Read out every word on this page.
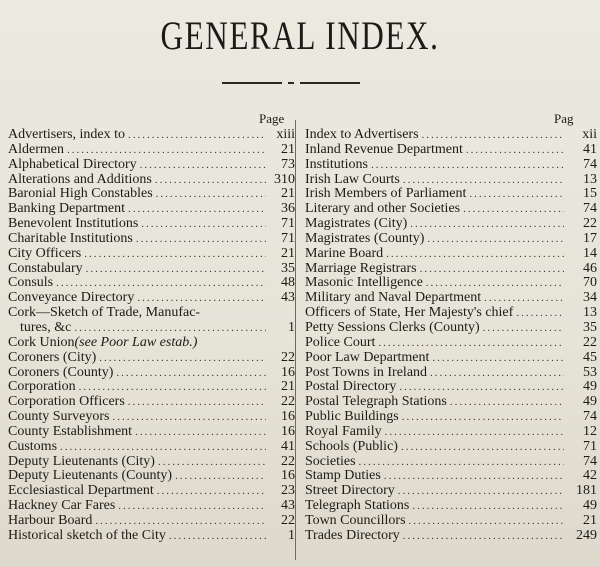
GENERAL INDEX.
Page	Pag
Advertisers, index to .....	xiii
Aldermen .....	21
Alphabetical Directory .....	73
Alterations and Additions .....	310
Baronial High Constables .....	21
Banking Department .....	36
Benevolent Institutions .....	71
Charitable Institutions .....	71
City Officers .....	21
Constabulary .....	35
Consuls .....	48
Conveyance Directory .....	43
Cork—Sketch of Trade, Manufac-
tures, &c .....	1
Cork Union (see Poor Law estab.)
Coroners (City) .....	22
Coroners (County) .....	16
Corporation .....	21
Corporation Officers .....	22
County Surveyors .....	16
County Establishment .....	16
Customs .....	41
Deputy Lieutenants (City) .....	22
Deputy Lieutenants (County) .....	16
Ecclesiastical Department .....	23
Hackney Car Fares .....	43
Harbour Board .....	22
Historical sketch of the City .....	1
Index to Advertisers .....	xii
Inland Revenue Department .....	41
Institutions .....	74
Irish Law Courts .....	13
Irish Members of Parliament .....	15
Literary and other Societies .....	74
Magistrates (City) .....	22
Magistrates (County) .....	17
Marine Board .....	14
Marriage Registrars .....	46
Masonic Intelligence .....	70
Military and Naval Department .....	34
Officers of State, Her Majesty's chief .....	13
Petty Sessions Clerks (County) .....	35
Police Court .....	22
Poor Law Department .....	45
Post Towns in Ireland .....	53
Postal Directory .....	49
Postal Telegraph Stations .....	49
Public Buildings .....	74
Royal Family .....	12
Schools (Public) .....	71
Societies .....	74
Stamp Duties .....	42
Street Directory .....	181
Telegraph Stations .....	49
Town Councillors .....	21
Trades Directory .....	249
